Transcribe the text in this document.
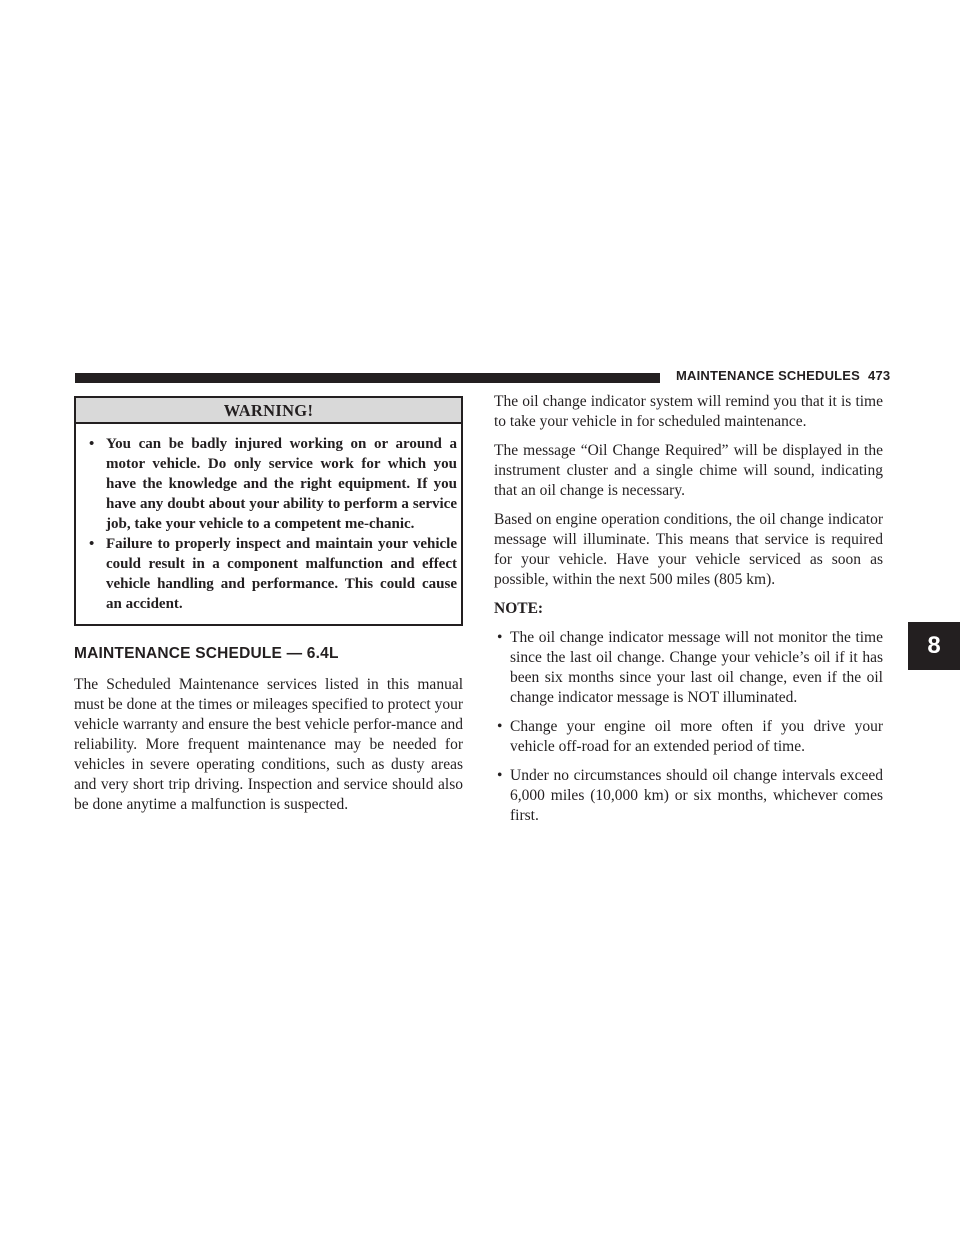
MAINTENANCE SCHEDULES 473
8
WARNING!
• You can be badly injured working on or around a motor vehicle. Do only service work for which you have the knowledge and the right equipment. If you have any doubt about your ability to perform a service job, take your vehicle to a competent me-chanic.
• Failure to properly inspect and maintain your vehicle could result in a component malfunction and effect vehicle handling and performance. This could cause an accident.
MAINTENANCE SCHEDULE — 6.4L

The Scheduled Maintenance services listed in this manual must be done at the times or mileages specified to protect your vehicle warranty and ensure the best vehicle perfor-mance and reliability. More frequent maintenance may be needed for vehicles in severe operating conditions, such as dusty areas and very short trip driving. Inspection and service should also be done anytime a malfunction is suspected.

The oil change indicator system will remind you that it is time to take your vehicle in for scheduled maintenance.

The message “Oil Change Required” will be displayed in the instrument cluster and a single chime will sound, indicating that an oil change is necessary.

Based on engine operation conditions, the oil change indicator message will illuminate. This means that service is required for your vehicle. Have your vehicle serviced as soon as possible, within the next 500 miles (805 km).

NOTE:
• The oil change indicator message will not monitor the time since the last oil change. Change your vehicle’s oil if it has been six months since your last oil change, even if the oil change indicator message is NOT illuminated.
• Change your engine oil more often if you drive your vehicle off-road for an extended period of time.
• Under no circumstances should oil change intervals exceed 6,000 miles (10,000 km) or six months, whichever comes first.
